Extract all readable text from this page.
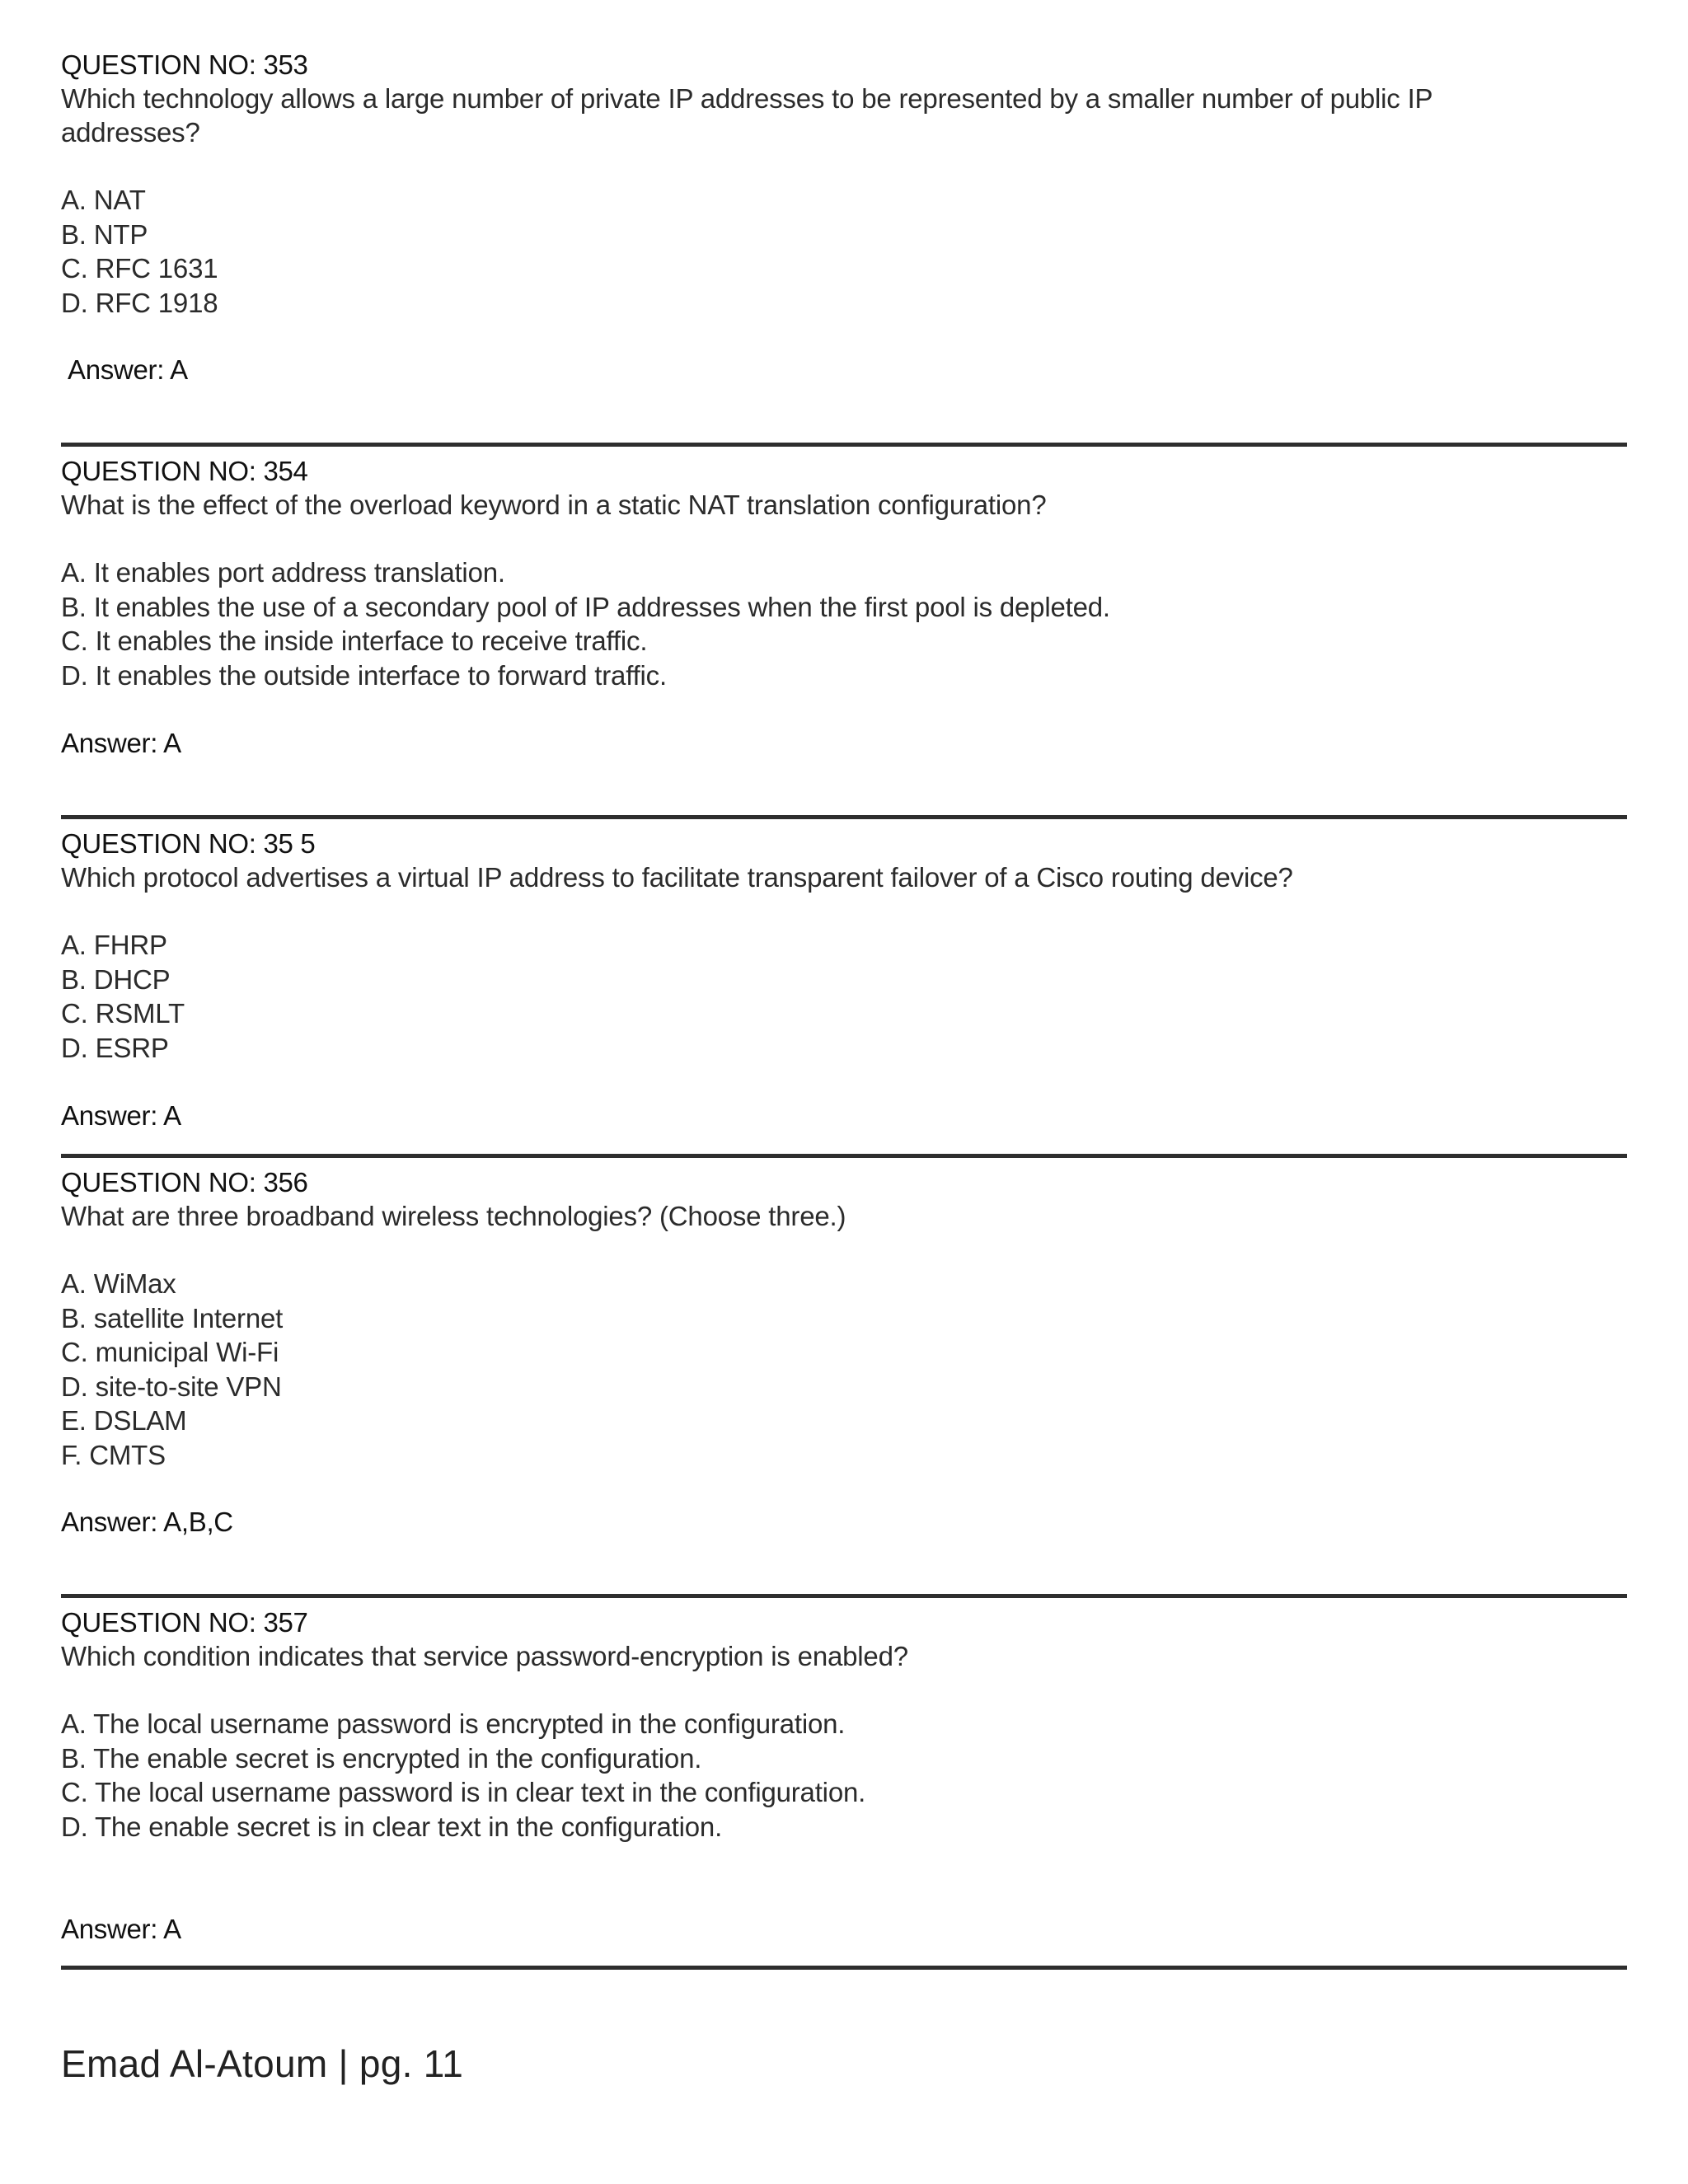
QUESTION NO: 353

Which technology allows a large number of private IP addresses to be represented by a smaller number of public IP addresses?

A. NAT
B. NTP
C. RFC 1631
D. RFC 1918

Answer: A

QUESTION NO: 354

What is the effect of the overload keyword in a static NAT translation configuration?

A. It enables port address translation.
B. It enables the use of a secondary pool of IP addresses when the first pool is depleted.
C. It enables the inside interface to receive traffic.
D. It enables the outside interface to forward traffic.

Answer: A

QUESTION NO: 35 5

Which protocol advertises a virtual IP address to facilitate transparent failover of a Cisco routing device?

A. FHRP
B. DHCP
C. RSMLT
D. ESRP

Answer: A

QUESTION NO: 356

What are three broadband wireless technologies? (Choose three.)

A. WiMax
B. satellite Internet
C. municipal Wi-Fi
D. site-to-site VPN
E. DSLAM
F. CMTS

Answer: A,B,C

QUESTION NO: 357

Which condition indicates that service password-encryption is enabled?

A. The local username password is encrypted in the configuration.
B. The enable secret is encrypted in the configuration.
C. The local username password is in clear text in the configuration.
D. The enable secret is in clear text in the configuration.

Answer: A

Emad Al-Atoum | pg. 11
